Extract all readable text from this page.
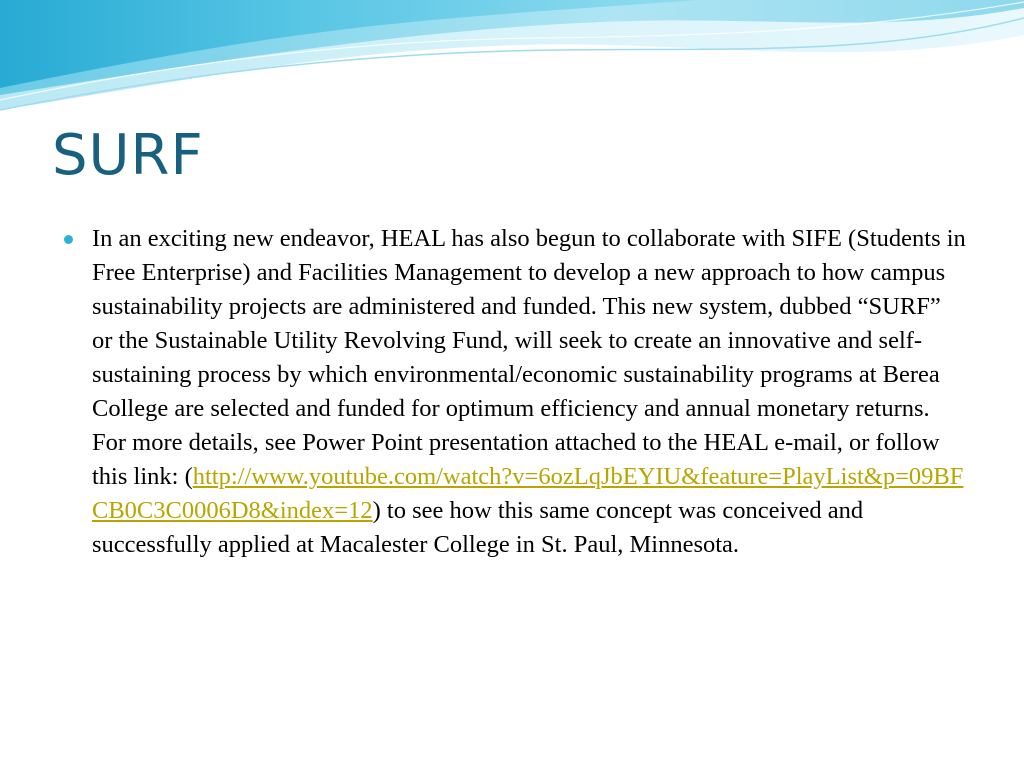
SURF
In an exciting new endeavor, HEAL has also begun to collaborate with SIFE (Students in Free Enterprise) and Facilities Management to develop a new approach to how campus sustainability projects are administered and funded. This new system, dubbed “SURF” or the Sustainable Utility Revolving Fund, will seek to create an innovative and self-sustaining process by which environmental/economic sustainability programs at Berea College are selected and funded for optimum efficiency and annual monetary returns. For more details, see Power Point presentation attached to the HEAL e-mail, or follow this link: (http://www.youtube.com/watch?v=6ozLqJbEYIU&feature=PlayList&p=09BFCB0C3C0006D8&index=12) to see how this same concept was conceived and successfully applied at Macalester College in St. Paul, Minnesota.
